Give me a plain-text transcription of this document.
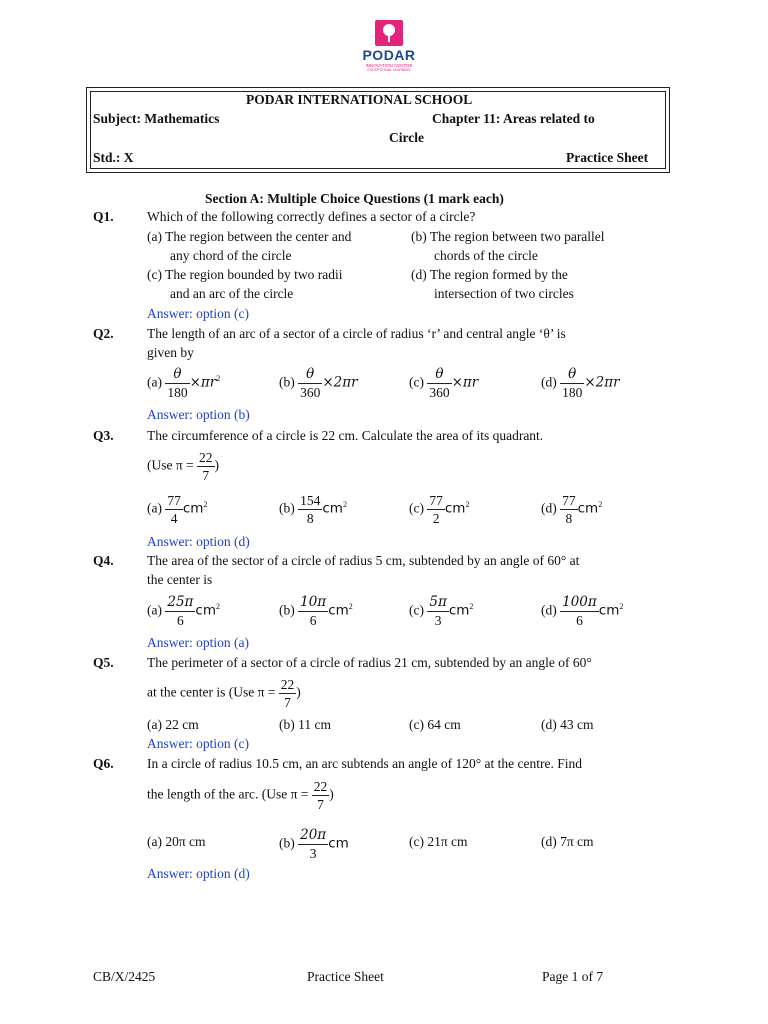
PODAR
INNOVATION CENTRE
EXCEPTIONAL LEARNING
PODAR INTERNATIONAL SCHOOL
Subject: Mathematics	Chapter 11: Areas related to
Circle
Std.: X	Practice Sheet
Section A: Multiple Choice Questions (1 mark each)
Q1. Which of the following correctly defines a sector of a circle?
(a) The region between the center and
any chord of the circle
(b) The region between two parallel
chords of the circle
(c) The region bounded by two radii
and an arc of the circle
(d) The region formed by the
intersection of two circles
Answer: option (c)
Q2. The length of an arc of a sector of a circle of radius ‘r’ and central angle ‘θ’ is
given by
$(a) \frac{\theta}{180} \times\pi r^2$	$(b) \frac{\theta}{360} \times 2\pi r$	$(c) \frac{\theta}{360} \times\pi r$	$(d) \frac{\theta}{180} \times 2\pi r$
Answer: option (b)
Q3. The circumference of a circle is 22 cm. Calculate the area of its quadrant.
(Use $\pi = \frac{22}{7}$ )
$(a) \frac{77}{4} cm^2$	$(b) \frac{154}{8} cm^2$	$(c) \frac{77}{2} cm^2$	$(d) \frac{77}{8} cm^2$
Answer: option (d)
Q4. The area of the sector of a circle of radius 5 cm, subtended by an angle of 60° at
the center is
$(a) \frac{25\pi}{6} cm^2$	$(b) \frac{10\pi}{6} cm^2$	$(c) \frac{5\pi}{3} cm^2$	$(d) \frac{100\pi}{6} cm^2$
Answer: option (a)
Q5. The perimeter of a sector of a circle of radius 21 cm, subtended by an angle of 60°
at the center is (Use $\pi = \frac{22}{7}$ )
(a) 22 cm	(b) 11 cm	(c) 64 cm	(d) 43 cm
Answer: option (c)
Q6. In a circle of radius 10.5 cm, an arc subtends an angle of 120° at the centre. Find
the length of the arc. (Use $\pi = \frac{22}{7}$ )
(a) 20π cm	$(b) \frac{20\pi}{3}$ cm	(c) 21π cm	(d) 7π cm
Answer: option (d)
CB/X/2425	Practice Sheet	Page 1 of 7
